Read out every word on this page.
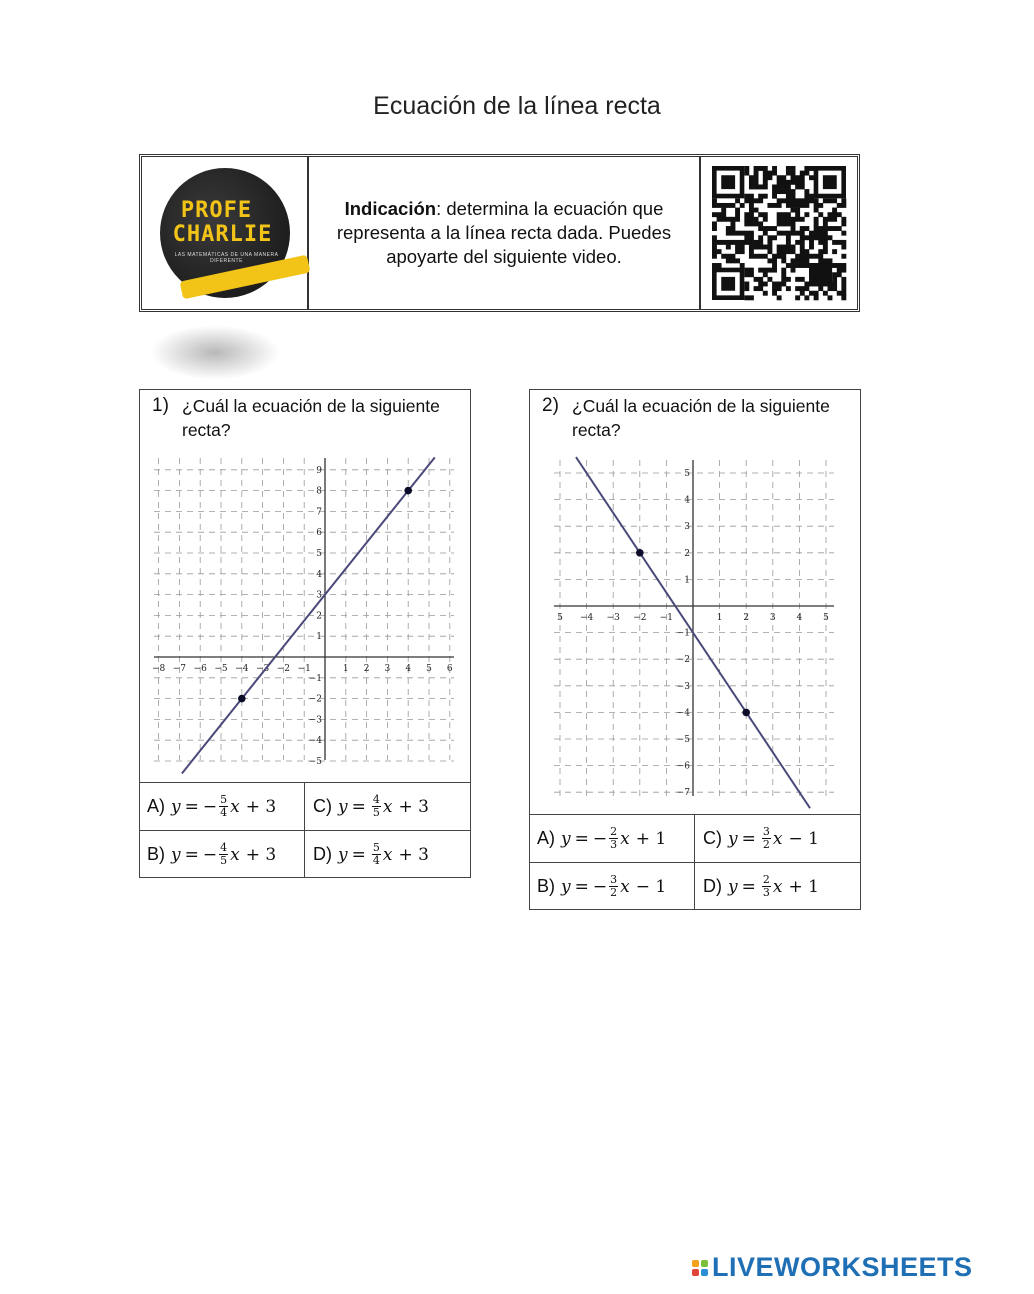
Ecuación de la línea recta
PROFE
CHARLIE
LAS MATEMÁTICAS DE UNA MANERA DIFERENTE
Indicación: determina la ecuación que representa a la línea recta dada. Puedes apoyarte del siguiente video.
1) ¿Cuál la ecuación de la siguiente recta?
−8 −7 −6 −5 −4 −3 −2 −1	1 2 3 4 5 6
9
8
7
6
5
4
3
2
1
−1
−2
−3
−4
−5
A) y = − $\frac{5}{4}$ x + 3 C) $y = \frac{4}{5}$ x + 3
B) y = − $\frac{4}{5}$ x + 3 D) $y = \frac{5}{4}$ x + 3
2) ¿Cuál la ecuación de la siguiente recta?
5 −4 −3 −2 −1	1 2 3 4 5
5
4
3
2
1
−1
−2
−3
−4
−5
−6
−7
A) y = − $\frac{2}{3}$ x + 1 C) $y = \frac{3}{2}$ x − 1
B) y = − $\frac{3}{2}$ x − 1 D) $y = \frac{2}{3}$ x + 1
LIVEWORKSHEETS
